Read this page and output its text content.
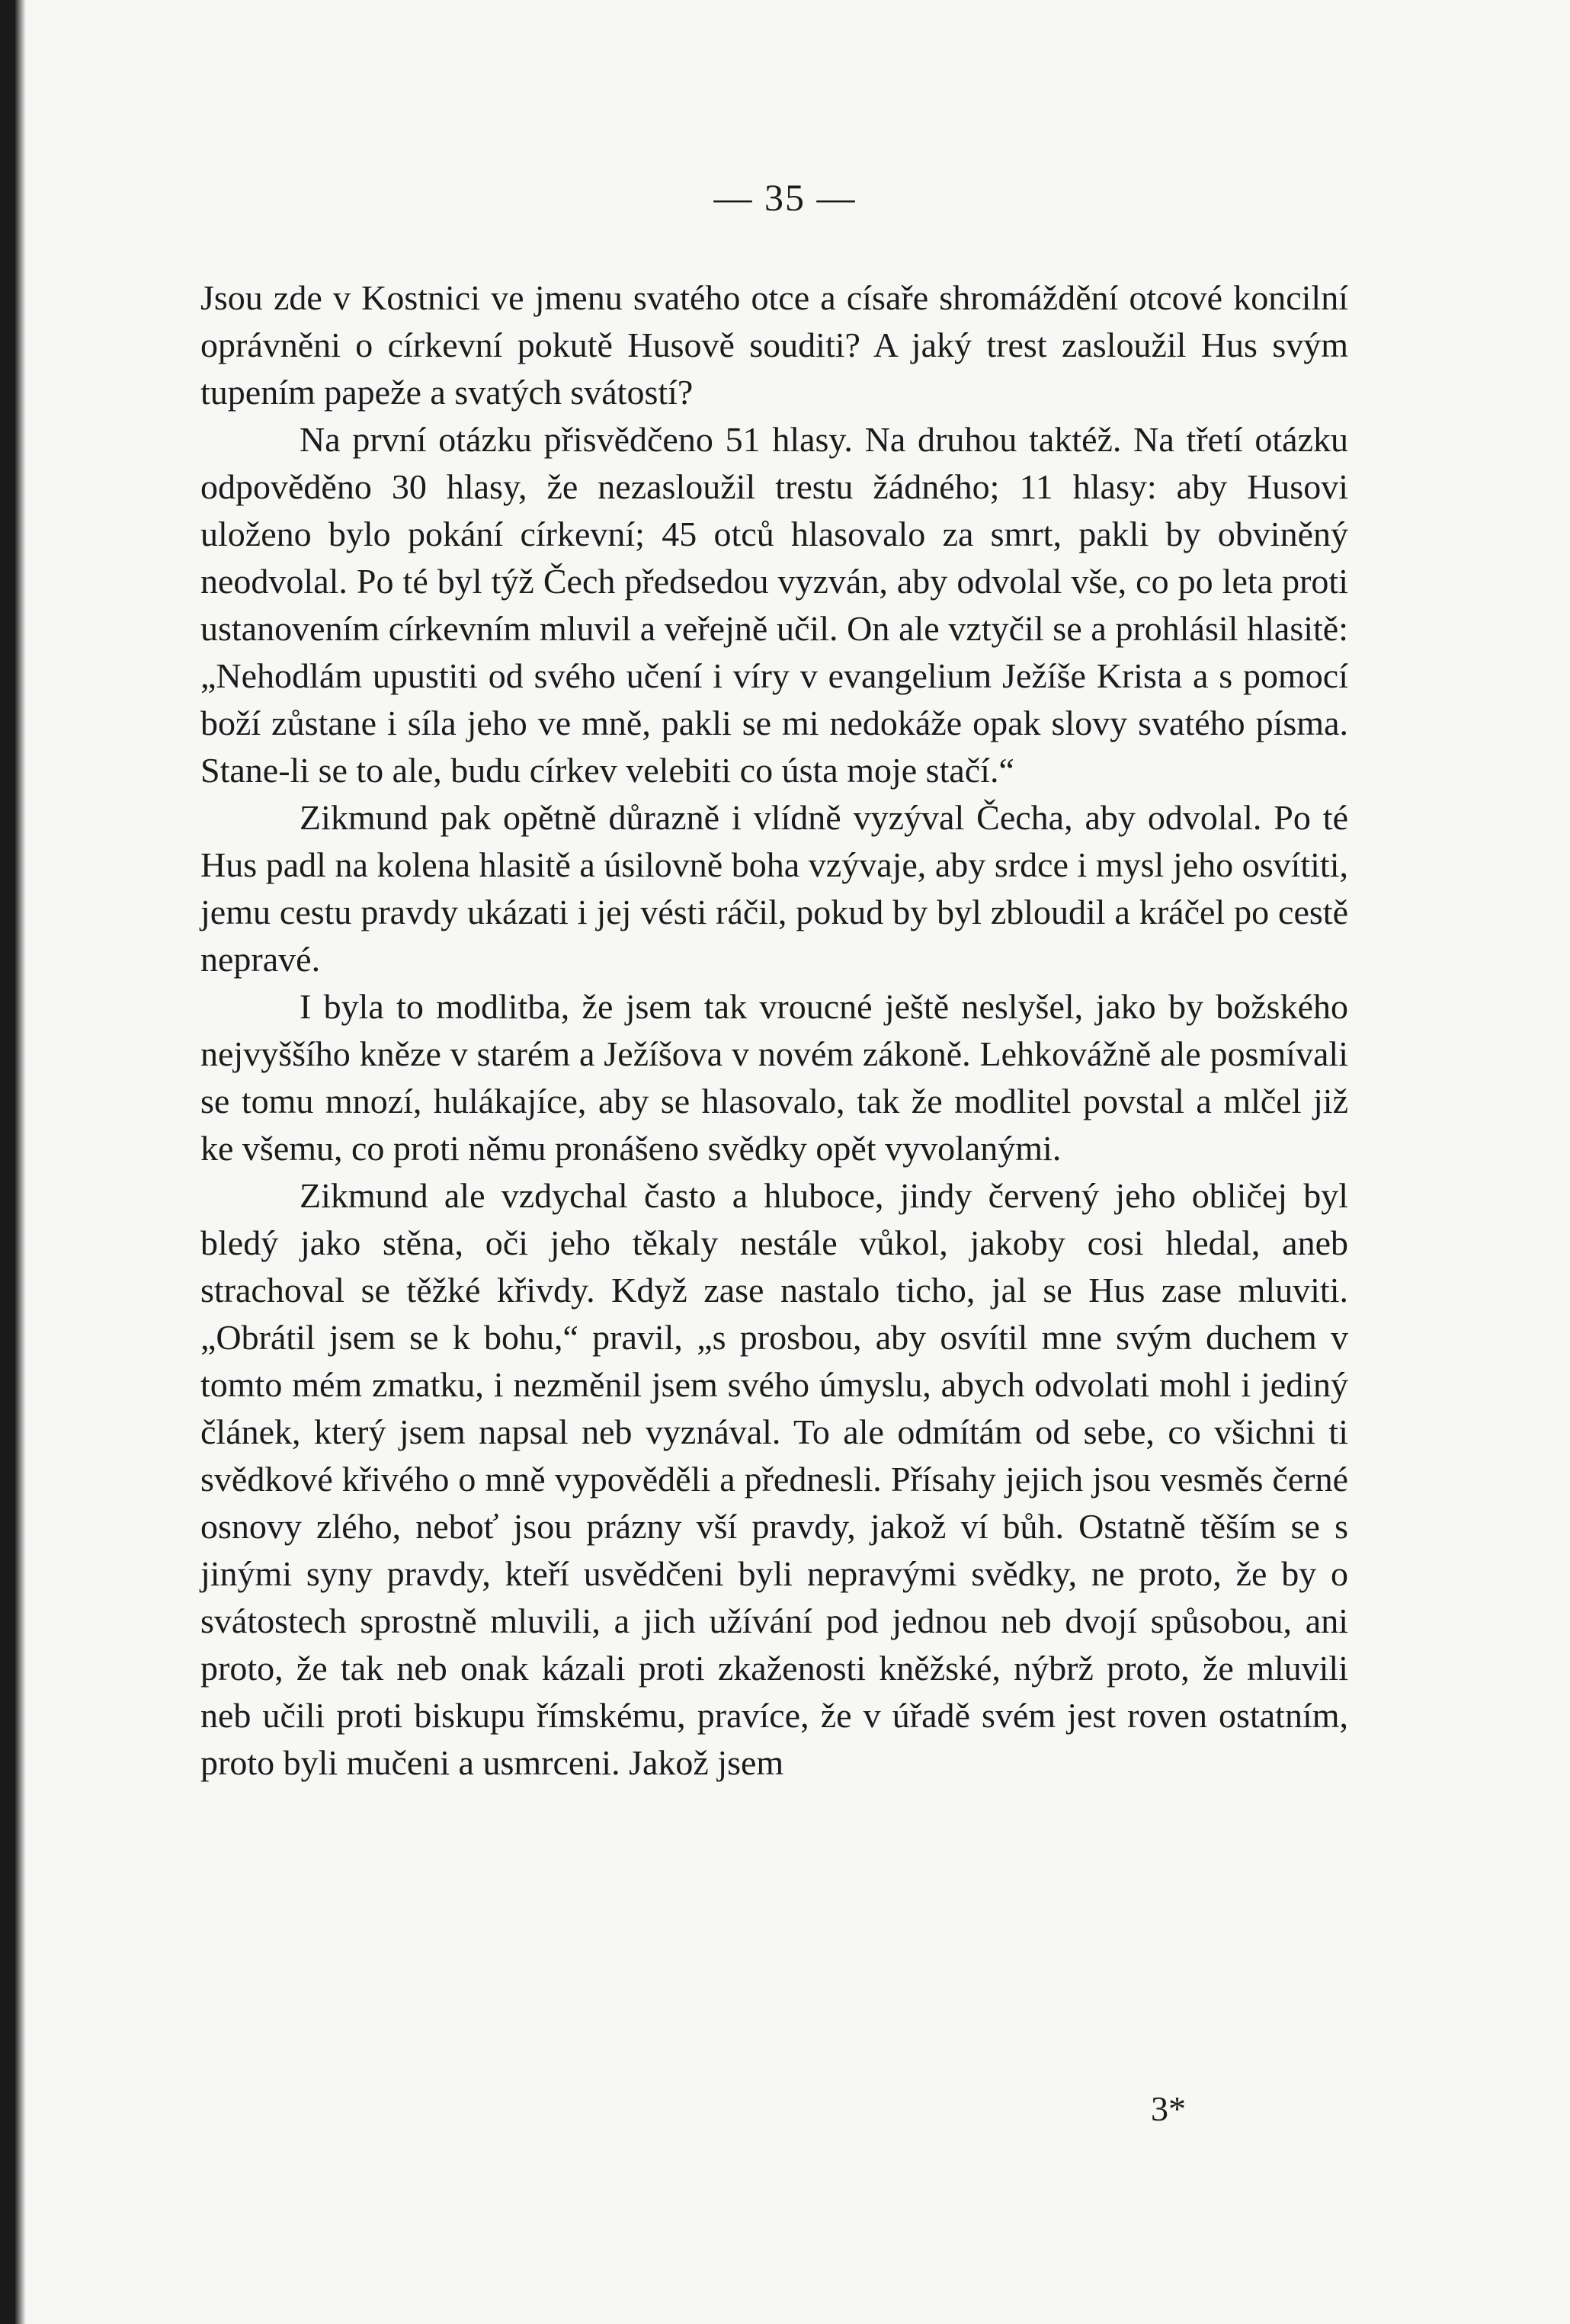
— 35 —

Jsou zde v Kostnici ve jmenu svatého otce a císaře shromáždění otcové koncilní oprávněni o církevní pokutě Husově souditi? A jaký trest zasloužil Hus svým tupením papeže a svatých svátostí?

Na první otázku přisvědčeno 51 hlasy. Na druhou taktéž. Na třetí otázku odpověděno 30 hlasy, že nezasloužil trestu žádného; 11 hlasy: aby Husovi uloženo bylo pokání církevní; 45 otců hlasovalo za smrt, pakli by obviněný neodvolal. Po té byl týž Čech předsedou vyzván, aby odvolal vše, co po leta proti ustanovením církevním mluvil a veřejně učil. On ale vztyčil se a prohlásil hlasitě: „Nehodlám upustiti od svého učení i víry v evangelium Ježíše Krista a s pomocí boží zůstane i síla jeho ve mně, pakli se mi nedokáže opak slovy svatého písma. Stane-li se to ale, budu církev velebiti co ústa moje stačí.“

Zikmund pak opětně důrazně i vlídně vyzýval Čecha, aby odvolal. Po té Hus padl na kolena hlasitě a úsilovně boha vzývaje, aby srdce i mysl jeho osvítiti, jemu cestu pravdy ukázati i jej vésti ráčil, pokud by byl zbloudil a kráčel po cestě nepravé.

I byla to modlitba, že jsem tak vroucné ještě neslyšel, jako by božského nejvyššího kněze v starém a Ježíšova v novém zákoně. Lehkovážně ale posmívali se tomu mnozí, hulákajíce, aby se hlasovalo, tak že modlitel povstal a mlčel již ke všemu, co proti němu pronášeno svědky opět vyvolanými.

Zikmund ale vzdychal často a hluboce, jindy červený jeho obličej byl bledý jako stěna, oči jeho těkaly nestále vůkol, jakoby cosi hledal, aneb strachoval se těžké křivdy. Když zase nastalo ticho, jal se Hus zase mluviti. „Obrátil jsem se k bohu,“ pravil, „s prosbou, aby osvítil mne svým duchem v tomto mém zmatku, i nezměnil jsem svého úmyslu, abych odvolati mohl i jediný článek, který jsem napsal neb vyznával. To ale odmítám od sebe, co všichni ti svědkové křivého o mně vypověděli a přednesli. Přísahy jejich jsou vesměs černé osnovy zlého, neboť jsou prázny vší pravdy, jakož ví bůh. Ostatně těším se s jinými syny pravdy, kteří usvědčeni byli nepravými svědky, ne proto, že by o svátostech sprostně mluvili, a jich užívání pod jednou neb dvojí spůsobou, ani proto, že tak neb onak kázali proti zkaženosti kněžské, nýbrž proto, že mluvili neb učili proti biskupu římskému, pravíce, že v úřadě svém jest roven ostatním, proto byli mučeni a usmrceni. Jakož jsem

3*
